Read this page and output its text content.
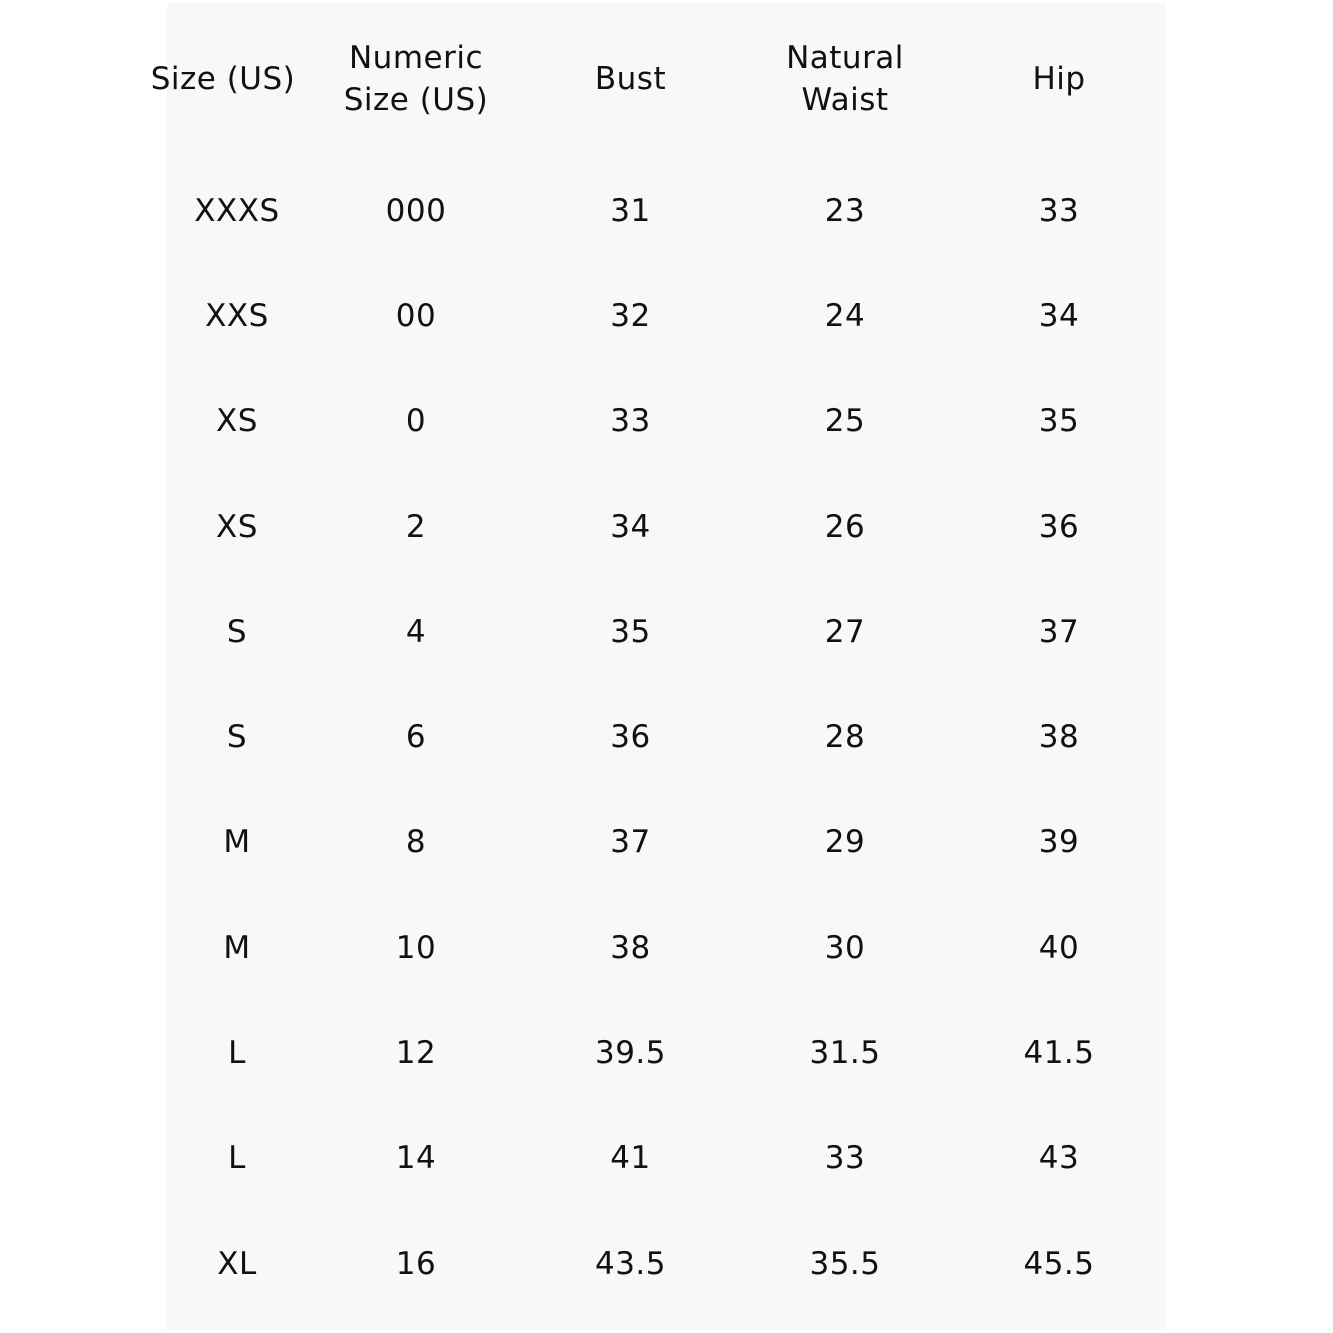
Size (US)	Numeric Size (US)	Bust	Natural Waist	Hip
XXXS	000	31	23	33
XXS	00	32	24	34
XS	0	33	25	35
XS	2	34	26	36
S	4	35	27	37
S	6	36	28	38
M	8	37	29	39
M	10	38	30	40
L	12	39.5	31.5	41.5
L	14	41	33	43
XL	16	43.5	35.5	45.5
